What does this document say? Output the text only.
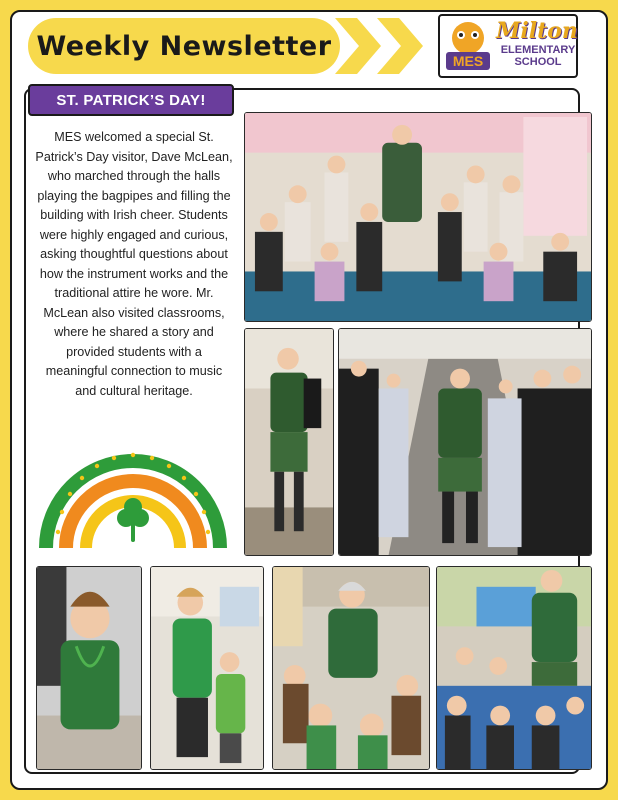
Weekly Newsletter	MES
Milton
ELEMENTARY SCHOOL
ST. PATRICK’S DAY!
MES welcomed a special St. Patrick’s Day visitor, Dave McLean, who marched through the halls playing the bagpipes and filling the building with Irish cheer. Students were highly engaged and curious, asking thoughtful questions about how the instrument works and the traditional attire he wore. Mr. McLean also visited classrooms, where he shared a story and provided students with a meaningful connection to music and cultural heritage.
